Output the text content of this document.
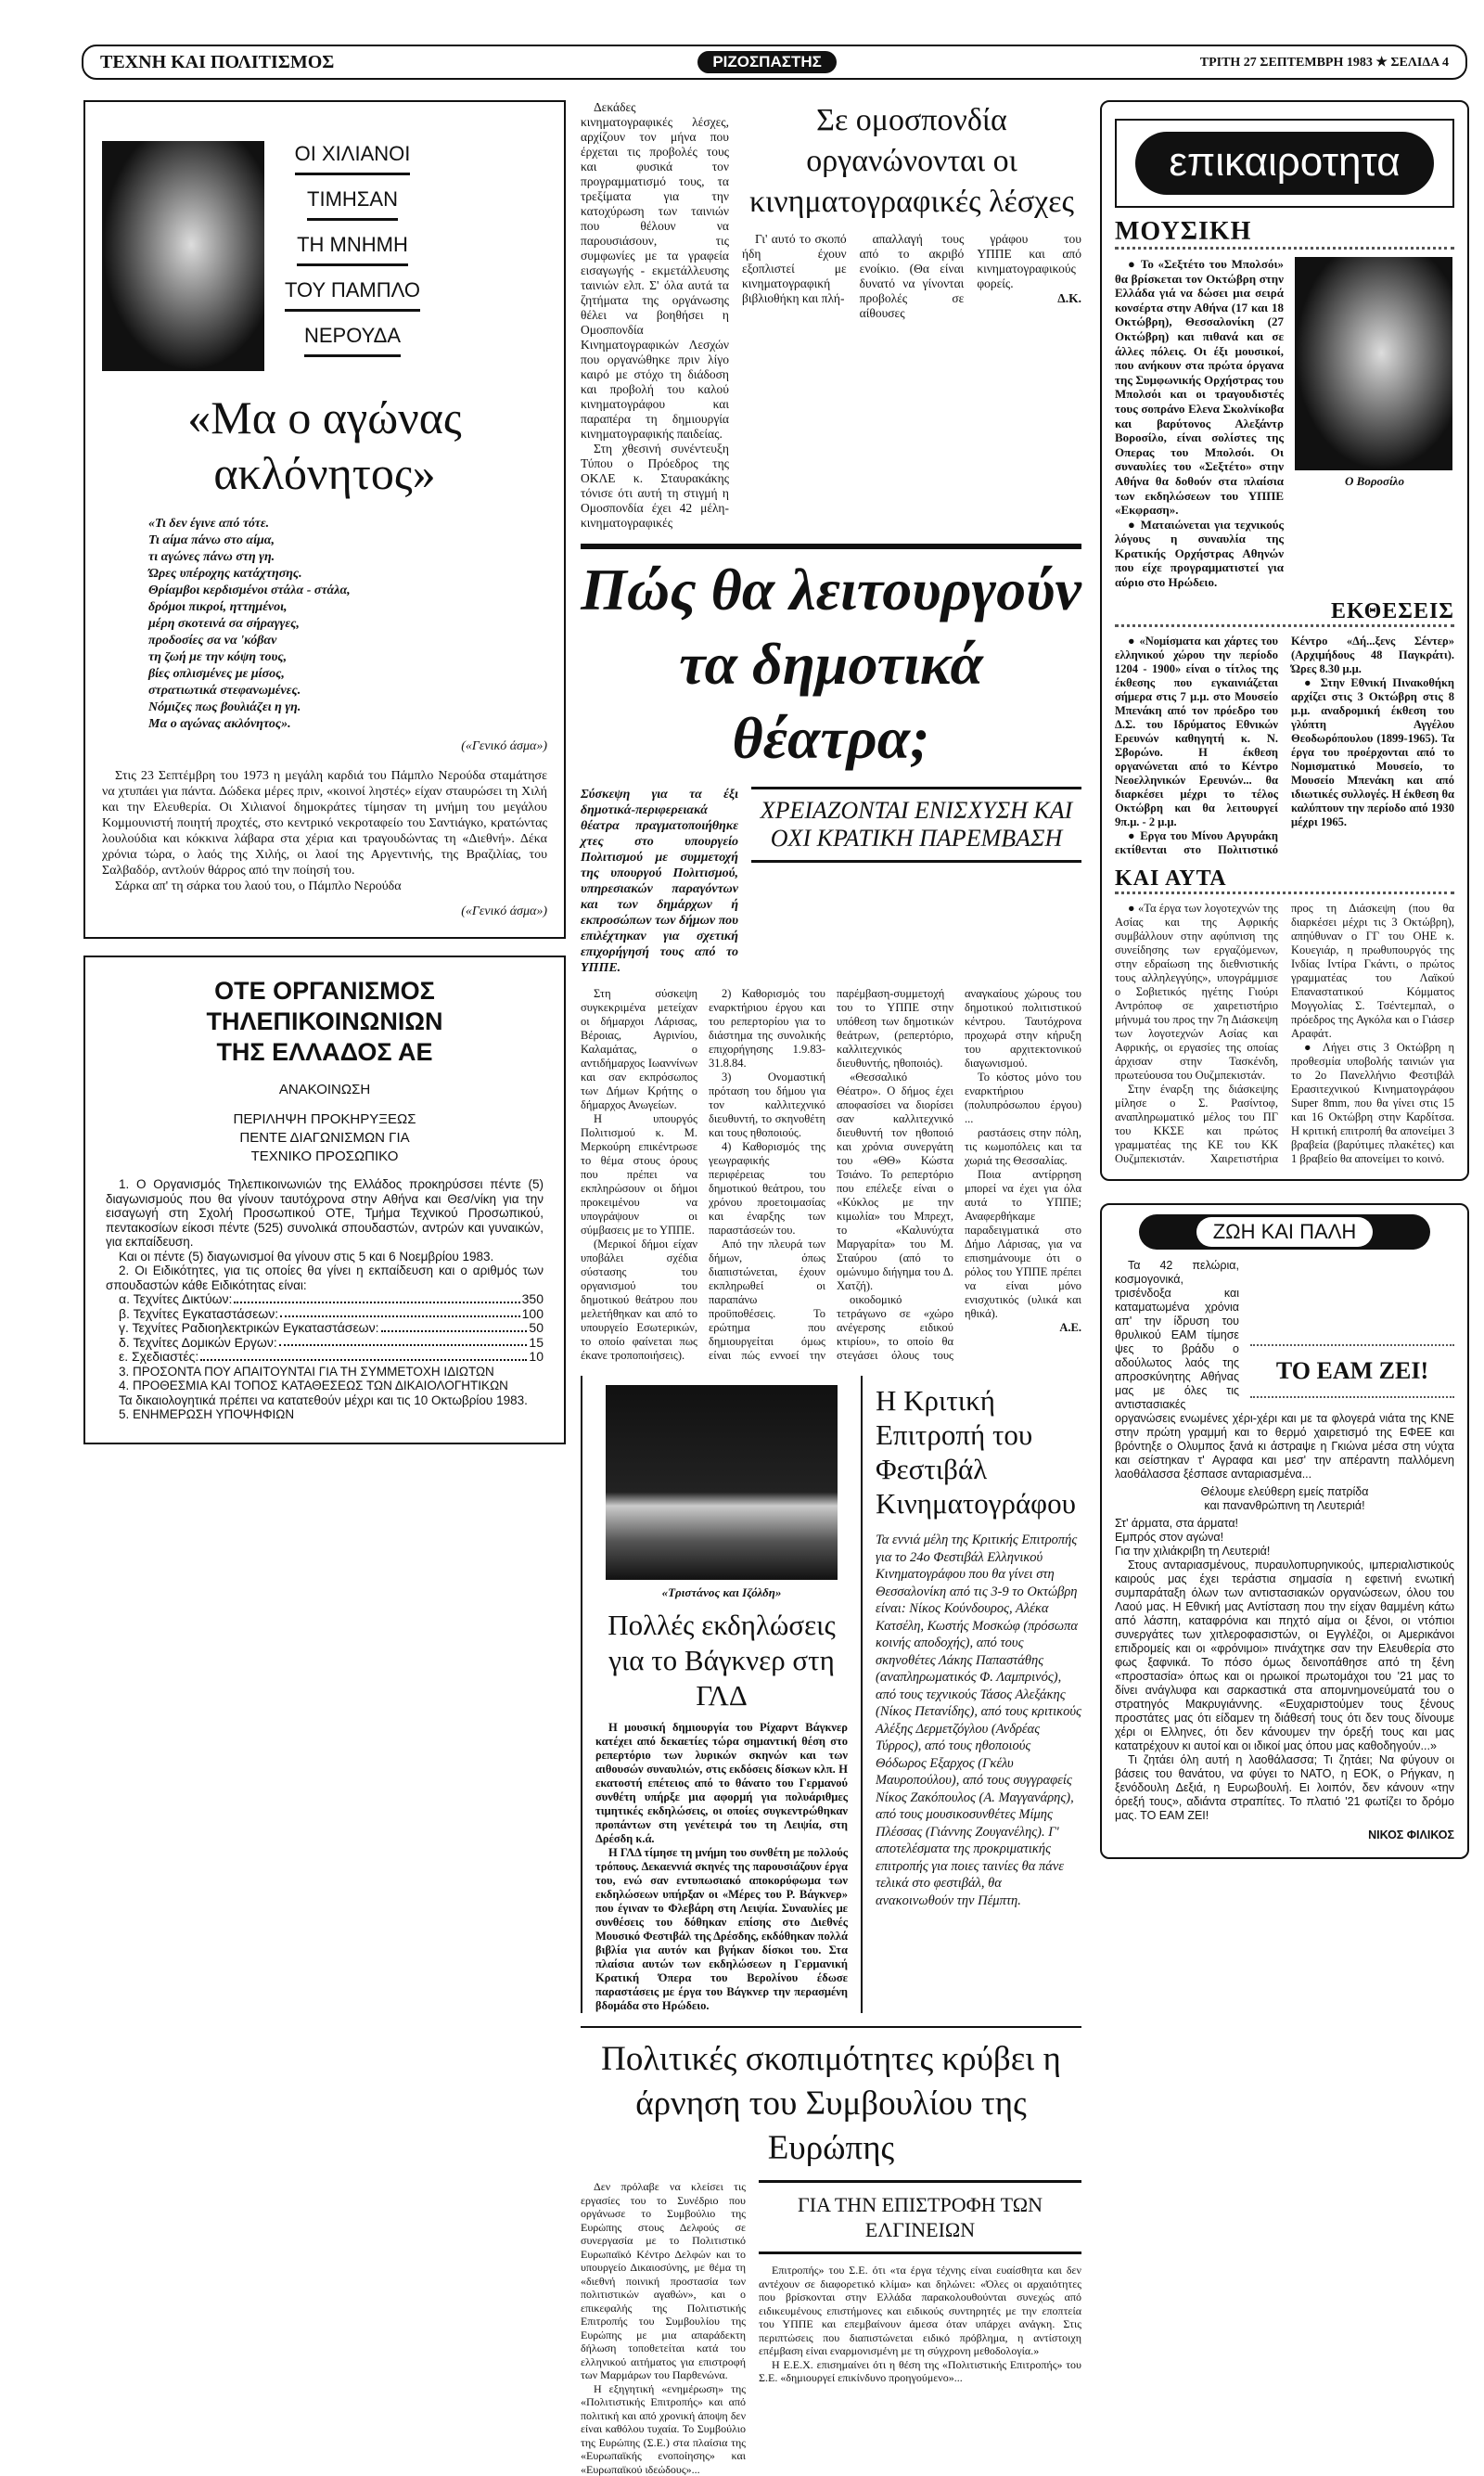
ΤΕΧΝΗ ΚΑΙ ΠΟΛΙΤΙΣΜΟΣ	ΡΙΖΟΣΠΑΣΤΗΣ	ΤΡΙΤΗ 27 ΣΕΠΤΕΜΒΡΗ 1983 ★ ΣΕΛΙΔΑ 4
ΟΙ ΧΙΛΙΑΝΟΙ ΤΙΜΗΣΑΝ ΤΗ ΜΝΗΜΗ ΤΟΥ ΠΑΜΠΛΟ ΝΕΡΟΥΔΑ
«Μα ο αγώνας ακλόνητος»
«Τι δεν έγινε από τότε.
Τι αίμα πάνω στο αίμα,
τι αγώνες πάνω στη γη.
Ώρες υπέροχης κατάχτησης.
Θρίαμβοι κερδισμένοι στάλα - στάλα,
δρόμοι πικροί, ηττημένοι,
μέρη σκοτεινά σα σήραγγες,
προδοσίες σα να 'κόβαν
τη ζωή με την κόψη τους,
βίες οπλισμένες με μίσος,
στρατιωτικά στεφανωμένες.
Νόμιζες πως βουλιάζει η γη.
Μα ο αγώνας ακλόνητος».
(«Γενικό άσμα»)

Στις 23 Σεπτέμβρη του 1973 η μεγάλη καρδιά του Πάμπλο Νερούδα σταμάτησε να χτυπάει για πάντα. Δώδεκα μέρες πριν, «κοινοί ληστές» είχαν σταυρώσει τη Χιλή και την Ελευθερία. Οι Χιλιανοί δημοκράτες τίμησαν τη μνήμη του μεγάλου Κομμουνιστή ποιητή προχτές, στο κεντρικό νεκροταφείο του Σαντιάγκο, κρατώντας λουλούδια και κόκκινα λάβαρα στα χέρια και τραγουδώντας τη «Διεθνή». Δέκα χρόνια τώρα, ο λαός της Χιλής, οι λαοί της Αργεντινής, της Βραζιλίας, του Σαλβαδόρ, αντλούν θάρρος από την ποίησή του.

Σάρκα απ' τη σάρκα του λαού του, ο Πάμπλο Νερούδα

(«Γενικό άσμα»)
ΟΤΕ ΟΡΓΑΝΙΣΜΟΣ
ΤΗΛΕΠΙΚΟΙΝΩΝΙΩΝ
ΤΗΣ ΕΛΛΑΔΟΣ ΑΕ
ΑΝΑΚΟΙΝΩΣΗ
ΠΕΡΙΛΗΨΗ ΠΡΟΚΗΡΥΞΕΩΣ
ΠΕΝΤΕ ΔΙΑΓΩΝΙΣΜΩΝ ΓΙΑ
ΤΕΧΝΙΚΟ ΠΡΟΣΩΠΙΚΟ

1. Ο Οργανισμός Τηλεπικοινωνιών της Ελλάδος προκηρύσσει πέντε (5) διαγωνισμούς που θα γίνουν ταυτόχρονα στην Αθήνα και Θεσ/νίκη για την εισαγωγή στη Σχολή Προσωπικού ΟΤΕ, Τμήμα Τεχνικού Προσωπικού, πεντακοσίων είκοσι πέντε (525) συνολικά σπουδαστών, αντρών και γυναικών, για εκπαίδευση.

Και οι πέντε (5) διαγωνισμοί θα γίνουν στις 5 και 6 Νοεμβρίου 1983.

2. Οι Ειδικότητες, για τις οποίες θα γίνει η εκπαίδευση και ο αριθμός των σπουδαστών κάθε Ειδικότητας είναι:

α. Τεχνίτες Δικτύων:	350
β. Τεχνίτες Εγκαταστάσεων:	100
γ. Τεχνίτες Ραδιοηλεκτρικών Εγκαταστάσεων:	50
δ. Τεχνίτες Δομικών Εργων:	15
ε. Σχεδιαστές:	10

3. ΠΡΟΣΟΝΤΑ ΠΟΥ ΑΠΑΙΤΟΥΝΤΑΙ ΓΙΑ ΤΗ ΣΥΜΜΕΤΟΧΗ ΙΔΙΩΤΩΝ

4. ΠΡΟΘΕΣΜΙΑ ΚΑΙ ΤΟΠΟΣ ΚΑΤΑΘΕΣΕΩΣ ΤΩΝ ΔΙΚΑΙΟΛΟΓΗΤΙΚΩΝ

Τα δικαιολογητικά πρέπει να κατατεθούν μέχρι και τις 10 Οκτωβρίου 1983.

5. ΕΝΗΜΕΡΩΣΗ ΥΠΟΨΗΦΙΩΝ

Δεκάδες κινηματογραφικές λέσχες, αρχίζουν τον μήνα που έρχεται τις προβολές τους και φυσικά τον προγραμματισμό τους, τα τρεξίματα για την κατοχύρωση των ταινιών που θέλουν να παρουσιάσουν, τις συμφωνίες με τα γραφεία εισαγωγής - εκμετάλλευσης ταινιών ελπ. Σ' όλα αυτά τα ζητήματα της οργάνωσης θέλει να βοηθήσει η Ομοσπονδία Κινηματογραφικών Λεσχών που οργανώθηκε πριν λίγο καιρό με στόχο τη διάδοση και προβολή του καλού κινηματογράφου και παραπέρα τη δημιουργία κινηματογραφικής παιδείας.

Στη χθεσινή συνέντευξη Τύπου ο Πρόεδρος της ΟΚΛΕ κ. Σταυρακάκης τόνισε ότι αυτή τη στιγμή η Ομοσπονδία έχει 42 μέλη-κινηματογραφικές

Σε ομοσπονδία οργανώνονται οι κινηματογραφικές λέσχες

Γι' αυτό το σκοπό ήδη έχουν εξοπλιστεί με κινηματογραφική βιβλιοθήκη και πλή-

απαλλαγή τους από το ακριβό ενοίκιο. (Θα είναι δυνατό να γίνονται προβολές σε αίθουσες

γράφου του ΥΠΠΕ και από κινηματογραφικούς φορείς.

Δ.Κ.
Πώς θα λειτουργούν
τα δημοτικά θέατρα;
Σύσκεψη για τα έξι δημοτικά-περιφερειακά θέατρα πραγματοποιήθηκε χτες στο υπουργείο Πολιτισμού με συμμετοχή της υπουργού Πολιτισμού, υπηρεσιακών παραγόντων και των δημάρχων ή εκπροσώπων των δήμων που επιλέχτηκαν για σχετική επιχορήγησή τους από το ΥΠΠΕ.
ΧΡΕΙΑΖΟΝΤΑΙ ΕΝΙΣΧΥΣΗ ΚΑΙ ΟΧΙ ΚΡΑΤΙΚΗ ΠΑΡΕΜΒΑΣΗ

Στη σύσκεψη συγκεκριμένα μετείχαν οι δήμαρχοι Λάρισας, Βέροιας, Αγρινίου, Καλαμάτας, ο αντιδήμαρχος Ιωαννίνων και σαν εκπρόσωπος των Δήμων Κρήτης ο δήμαρχος Ανωγείων.

Η υπουργός Πολιτισμού κ. Μ. Μερκούρη επικέντρωσε το θέμα στους όρους που πρέπει να εκπληρώσουν οι δήμοι προκειμένου να υπογράψουν οι σύμβασεις με το ΥΠΠΕ.

(Μερικοί δήμοι είχαν υποβάλει σχέδια σύστασης του οργανισμού του δημοτικού θεάτρου που μελετήθηκαν και από το υπουργείο Εσωτερικών, το οποίο φαίνεται πως έκανε τροποποιήσεις).

2) Καθορισμός του εναρκτήριου έργου και του ρεπερτορίου για το διάστημα της συνολικής επιχορήγησης 1.9.83-31.8.84.

3) Ονομαστική πρόταση του δήμου για τον καλλιτεχνικό διευθυντή, το σκηνοθέτη και τους ηθοποιούς.

4) Καθορισμός της γεωγραφικής περιφέρειας του δημοτικού θεάτρου, του χρόνου προετοιμασίας και έναρξης των παραστάσεών του.

Από την πλευρά των δήμων, όπως διαπιστώνεται, έχουν εκπληρωθεί οι παραπάνω προϋποθέσεις. Το ερώτημα που δημιουργείται όμως είναι πώς εννοεί την παρέμβαση-συμμετοχή του το ΥΠΠΕ στην υπόθεση των δημοτικών θεάτρων, (ρεπερτόριο, καλλιτεχνικός διευθυντής, ηθοποιός).

«Θεσσαλικό Θέατρο». Ο δήμος έχει αποφασίσει να διορίσει σαν καλλιτεχνικό διευθυντή τον ηθοποιό και χρόνια συνεργάτη του «ΘΘ» Κώστα Τσιάνο. Το ρεπερτόριο που επέλεξε είναι ο «Κύκλος με την κιμωλία» του Μπρεχτ, το «Καλυνύχτα Μαργαρίτα» του Μ. Σταύρου (από το ομώνυμο διήγημα του Δ. Χατζή).

οικοδομικό τετράγωνο σε «χώρο ανέγερσης ειδικού κτιρίου», το οποίο θα στεγάσει όλους τους αναγκαίους χώρους του δημοτικού πολιτιστικού κέντρου. Ταυτόχρονα προχωρά στην κήρυξη του αρχιτεκτονικού διαγωνισμού.

Το κόστος μόνο του εναρκτήριου (πολυπρόσωπου έργου) ...

ραστάσεις στην πόλη, τις κωμοπόλεις και τα χωριά της Θεσσαλίας.

Ποια αντίρρηση μπορεί να έχει για όλα αυτά το ΥΠΠΕ; Αναφερθήκαμε παραδειγματικά στο Δήμο Λάρισας, για να επισημάνουμε ότι ο ρόλος του ΥΠΠΕ πρέπει να είναι μόνο ενισχυτικός (υλικά και ηθικά).

Α.Ε.
«Τριστάνος και Ιζόλδη»
Πολλές εκδηλώσεις για το Βάγκνερ στη ΓΛΔ

Η μουσική δημιουργία του Ρίχαρντ Βάγκνερ κατέχει από δεκαετίες τώρα σημαντική θέση στο ρεπερτόριο των λυρικών σκηνών και των αιθουσών συναυλιών, στις εκδόσεις δίσκων κλπ. Η εκατοστή επέτειος από το θάνατο του Γερμανού συνθέτη υπήρξε μια αφορμή για πολυάριθμες τιμητικές εκδηλώσεις, οι οποίες συγκεντρώθηκαν προπάντων στη γενέτειρά του τη Λειψία, στη Δρέσδη κ.ά.

Η ΓΛΔ τίμησε τη μνήμη του συνθέτη με πολλούς τρόπους. Δεκαεννιά σκηνές της παρουσιάζουν έργα του, ενώ σαν εντυπωσιακό αποκορύφωμα των εκδηλώσεων υπήρξαν οι «Μέρες του Ρ. Βάγκνερ» που έγιναν το Φλεβάρη στη Λειψία. Συναυλίες με συνθέσεις του δόθηκαν επίσης στο Διεθνές Μουσικό Φεστιβάλ της Δρέσδης, εκδόθηκαν πολλά βιβλία για αυτόν και βγήκαν δίσκοι του. Στα πλαίσια αυτών των εκδηλώσεων η Γερμανική Κρατική Όπερα του Βερολίνου έδωσε παραστάσεις με έργα του Βάγκνερ την περασμένη βδομάδα στο Ηρώδειο.

Η Κριτική Επιτροπή του Φεστιβάλ Κινηματογράφου
Τα εννιά μέλη της Κριτικής Επιτροπής για το 24ο Φεστιβάλ Ελληνικού Κινηματογράφου που θα γίνει στη Θεσσαλονίκη από τις 3-9 το Οκτώβρη είναι: Νίκος Κούνδουρος, Αλέκα Κατσέλη, Κωστής Μοσκώφ (πρόσωπα κοινής αποδοχής), από τους σκηνοθέτες Λάκης Παπαστάθης (αναπληρωματικός Φ. Λαμπρινός), από τους τεχνικούς Τάσος Αλεξάκης (Νίκος Πετανίδης), από τους κριτικούς Αλέξης Δερμετζόγλου (Ανδρέας Τύρρος), από τους ηθοποιούς Θόδωρος Εξαρχος (Γκέλυ Μαυροπούλου), από τους συγγραφείς Νίκος Ζακόπουλος (Α. Μαγγανάρης), από τους μουσικοσυνθέτες Μίμης Πλέσσας (Γιάννης Ζουγανέλης). Γ' αποτελέσματα της προκριματικής επιτροπής για ποιες ταινίες θα πάνε τελικά στο φεστιβάλ, θα ανακοινωθούν την Πέμπτη.
Πολιτικές σκοπιμότητες κρύβει η άρνηση του Συμβουλίου της Ευρώπης

Δεν πρόλαβε να κλείσει τις εργασίες του το Συνέδριο που οργάνωσε το Συμβούλιο της Ευρώπης στους Δελφούς σε συνεργασία με το Πολιτιστικό Ευρωπαϊκό Κέντρο Δελφών και το υπουργείο Δικαιοσύνης, με θέμα τη «διεθνή ποινική προστασία των πολιτιστικών αγαθών», και ο επικεφαλής της Πολιτιστικής Επιτροπής του Συμβουλίου της Ευρώπης με μια απαράδεκτη δήλωση τοποθετείται κατά του ελληνικού αιτήματος για επιστροφή των Μαρμάρων του Παρθενώνα.

Η εξηγητική «ενημέρωση» της «Πολιτιστικής Επιτροπής» και από πολιτική και από χρονική άποψη δεν είναι καθόλου τυχαία. Το Συμβούλιο της Ευρώπης (Σ.Ε.) στα πλαίσια της «Ευρωπαϊκής ενοποίησης» και «Ευρωπαϊκού ιδεώδους»...

ΓΙΑ ΤΗΝ ΕΠΙΣΤΡΟΦΗ ΤΩΝ ΕΛΓΙΝΕΙΩΝ

Επιτροπής» του Σ.Ε. ότι «τα έργα τέχνης είναι ευαίσθητα και δεν αντέχουν σε διαφορετικό κλίμα» και δηλώνει: «Όλες οι αρχαιότητες που βρίσκονται στην Ελλάδα παρακολουθούνται συνεχώς από ειδικευμένους επιστήμονες και ειδικούς συντηρητές με την εποπτεία του ΥΠΠΕ και επεμβαίνουν άμεσα όταν υπάρχει ανάγκη. Στις περιπτώσεις που διαπιστώνεται ειδικό πρόβλημα, η αντίστοιχη επέμβαση είναι εναρμονισμένη με τη σύγχρονη μεθοδολογία.»

Η Ε.Ε.Χ. επισημαίνει ότι η θέση της «Πολιτιστικής Επιτροπής» του Σ.Ε. «δημιουργεί επικίνδυνο προηγούμενο»...

επικαιροτητα
ΜΟΥΣΙΚΗ

● Το «Σεξτέτο του Μπολσόι» θα βρίσκεται τον Οκτώβρη στην Ελλάδα γιά να δώσει μια σειρά κονσέρτα στην Αθήνα (17 και 18 Οκτώβρη), Θεσσαλονίκη (27 Οκτώβρη) και πιθανά και σε άλλες πόλεις. Οι έξι μουσικοί, που ανήκουν στα πρώτα όργανα της Συμφωνικής Ορχήστρας του Μπολσόι και οι τραγουδιστές τους σοπράνο Ελενα Σκολνίκοβα και βαρύτονος Αλεξάντρ Βοροσίλο, είναι σολίστες της Οπερας του Μπολσόι. Οι συναυλίες του «Σεξτέτο» στην Αθήνα θα δοθούν στα πλαίσια των εκδηλώσεων του ΥΠΠΕ «Εκφραση».

● Ματαιώνεται για τεχνικούς λόγους η συναυλία της Κρατικής Ορχήστρας Αθηνών που είχε προγραμματιστεί για αύριο στο Ηρώδειο.

Ο Βοροσίλο
ΕΚΘΕΣΕΙΣ

● «Νομίσματα και χάρτες του ελληνικού χώρου την περίοδο 1204 - 1900» είναι ο τίτλος της έκθεσης που εγκαινιάζεται σήμερα στις 7 μ.μ. στο Μουσείο Μπενάκη από τον πρόεδρο του Δ.Σ. του Ιδρύματος Εθνικών Ερευνών καθηγητή κ. Ν. Σβορώνο. Η έκθεση οργανώνεται από το Κέντρο Νεοελληνικών Ερευνών... θα διαρκέσει μέχρι το τέλος Οκτώβρη και θα λειτουργεί 9π.μ. - 2 μ.μ.

● Εργα του Μίνου Αργυράκη εκτίθενται στο Πολιτιστικό Κέντρο «Δή...ξενς Σέντερ» (Αρχιμήδους 48 Παγκράτι). Ώρες 8.30 μ.μ.

● Στην Εθνική Πινακοθήκη αρχίζει στις 3 Οκτώβρη στις 8 μ.μ. αναδρομική έκθεση του γλύπτη Αγγέλου Θεοδωρόπουλου (1899-1965). Τα έργα του προέρχονται από το Νομισματικό Μουσείο, το Μουσείο Μπενάκη και από ιδιωτικές συλλογές. Η έκθεση θα καλύπτουν την περίοδο από 1930 μέχρι 1965.

ΚΑΙ ΑΥΤΑ

● «Τα έργα των λογοτεχνών της Ασίας και της Αφρικής συμβάλλουν στην αφύπνιση της συνείδησης των εργαζόμενων, στην εδραίωση της διεθνιστικής τους αλληλεγγύης», υπογράμμισε ο Σοβιετικός ηγέτης Γιούρι Αντρόποφ σε χαιρετιστήριο μήνυμά του προς την 7η Διάσκεψη των λογοτεχνών Ασίας και Αφρικής, οι εργασίες της οποίας άρχισαν στην Τασκένδη, πρωτεύουσα του Ουζμπεκιστάν.

Στην έναρξη της διάσκεψης μίλησε ο Σ. Ρασίντοφ, αναπληρωματικό μέλος του ΠΓ του ΚΚΣΕ και πρώτος γραμματέας της ΚΕ του ΚΚ Ουζμπεκιστάν. Χαιρετιστήρια προς τη Διάσκεψη (που θα διαρκέσει μέχρι τις 3 Οκτώβρη), απηύθυναν ο ΓΓ του ΟΗΕ κ. Κουεγιάρ, η πρωθυπουργός της Ινδίας Ιντίρα Γκάντι, ο πρώτος γραμματέας του Λαϊκού Επαναστατικού Κόμματος Μογγολίας Σ. Τσέντεμπαλ, ο πρόεδρος της Αγκόλα και ο Γιάσερ Αραφάτ.

● Λήγει στις 3 Οκτώβρη η προθεσμία υποβολής ταινιών για το 2ο Πανελλήνιο Φεστιβάλ Ερασιτεχνικού Κινηματογράφου Super 8mm, που θα γίνει στις 15 και 16 Οκτώβρη στην Καρδίτσα. Η κριτική επιτροπή θα απονείμει 3 βραβεία (βαρύτιμες πλακέτες) και 1 βραβείο θα απονείμει το κοινό.

ΖΩΗ ΚΑΙ ΠΑΛΗ
ΤΟ ΕΑΜ ΖΕΙ!

Τα 42 πελώρια, κοσμογονικά, τρισένδοξα και καταματωμένα χρόνια απ' την ίδρυση του θρυλικού ΕΑΜ τίμησε ψες το βράδυ ο αδούλωτος λαός της απροσκύνητης Αθήνας μας με όλες τις αντιστασιακές οργανώσεις ενωμένες χέρι-χέρι και με τα φλογερά νιάτα της ΚΝΕ στην πρώτη γραμμή και το θερμό χαιρετισμό της ΕΦΕΕ και βρόντηξε ο Ολυμπος ξανά κι άστραψε η Γκιώνα μέσα στη νύχτα και σείστηκαν τ' Αγραφα και μεσ' την απέραντη παλλόμενη λαοθάλασσα ξέσπασε ανταριασμένα...

Θέλουμε ελεύθερη εμείς πατρίδα
και πανανθρώπινη τη Λευτεριά!
Στ' άρματα, στα άρματα!
Εμπρός στον αγώνα!
Για την χιλιάκριβη τη Λευτεριά!

Στους ανταριασμένους, πυραυλοπυρηνικούς, ιμπεριαλιστικούς καιρούς μας έχει τεράστια σημασία η εφετινή ενωτική συμπαράταξη όλων των αντιστασιακών οργανώσεων, όλου του Λαού μας. Η Εθνική μας Αντίσταση που την είχαν θαμμένη κάτω από λάσπη, καταφρόνια και πηχτό αίμα οι ξένοι, οι ντόπιοι συνεργάτες των χιτλεροφασιστών, οι Εγγλέζοι, οι Αμερικάνοι επιδρομείς και οι «φρόνιμοι» πινάχτηκε σαν την Ελευθερία στο φως ξαφνικά. Το πόσο όμως δεινοπάθησε από τη ξένη «προστασία» όπως και οι ηρωικοί πρωτομάχοι του '21 μας το δίνει ανάγλυφα και σαρκαστικά στα απομνημονεύματά του ο στρατηγός Μακρυγιάννης. «Ευχαριστούμεν τους ξένους προστάτες μας ότι είδαμεν τη διάθεσή τους ότι δεν τους δίνουμε χέρι οι Ελληνες, ότι δεν κάνουμεν την όρεξή τους και μας κατατρέχουν κι αυτοί και οι ιδικοί μας όπου μας καθοδηγούν...»

Τι ζητάει όλη αυτή η λαοθάλασσα; Τι ζητάει; Να φύγουν οι βάσεις του θανάτου, να φύγει το ΝΑΤΟ, η ΕΟΚ, ο Ρήγκαν, η ξενόδουλη Δεξιά, η Ευρωβουλή. Ει λοιπόν, δεν κάνουν «την όρεξή τους», αδιάντα στραπίτες. Το πλατιό '21 φωτίζει το δρόμο μας. ΤΟ ΕΑΜ ΖΕΙ!

ΝΙΚΟΣ ΦΙΛΙΚΟΣ
